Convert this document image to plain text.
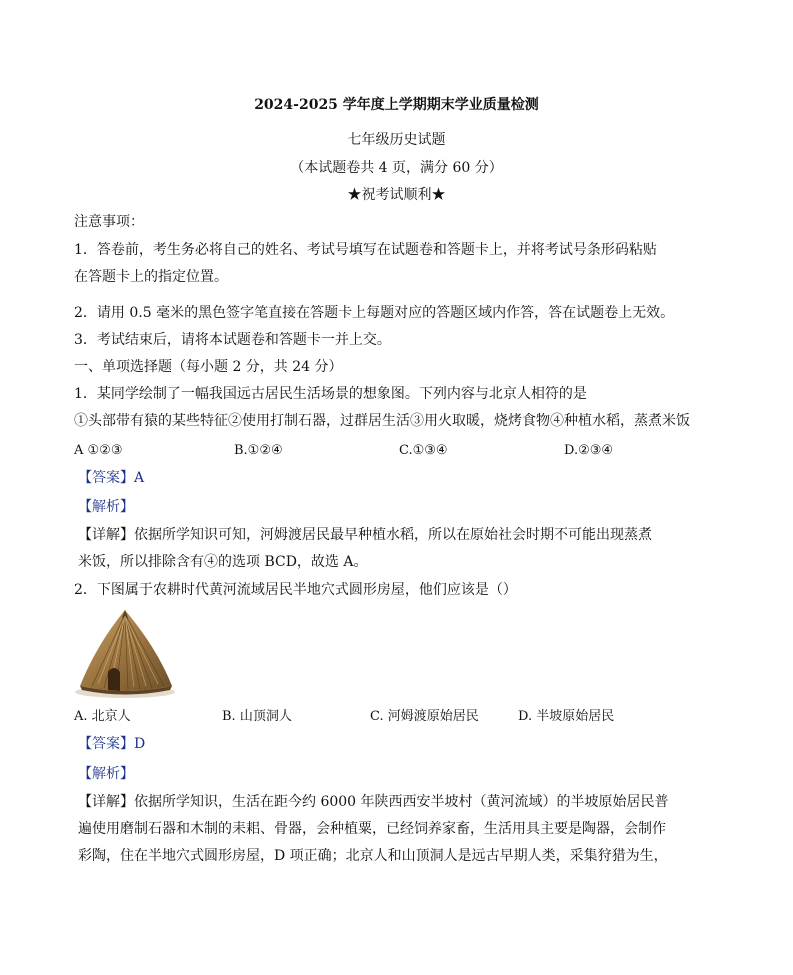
2024-2025 学年度上学期期末学业质量检测
七年级历史试题
（本试题卷共 4 页，满分 60 分）
★祝考试顺利★
注意事项：
1．答卷前，考生务必将自己的姓名、考试号填写在试题卷和答题卡上，并将考试号条形码粘贴
在答题卡上的指定位置。
2．请用 0.5 毫米的黑色签字笔直接在答题卡上每题对应的答题区域内作答，答在试题卷上无效。
3．考试结束后，请将本试题卷和答题卡一并上交。
一、单项选择题（每小题 2 分，共 24 分）
1．某同学绘制了一幅我国远古居民生活场景的想象图。下列内容与北京人相符的是
①头部带有猿的某些特征②使用打制石器，过群居生活③用火取暖，烧烤食物④种植水稻，蒸煮米饭
A ①②③	B.①②④	C.①③④	D.②③④
【答案】A
【解析】
【详解】依据所学知识可知，河姆渡居民最早种植水稻，所以在原始社会时期不可能出现蒸煮
米饭，所以排除含有④的选项 BCD，故选 A。
2．下图属于农耕时代黄河流域居民半地穴式圆形房屋，他们应该是（）
A. 北京人	B. 山顶洞人	C. 河姆渡原始居民	D. 半坡原始居民
【答案】D
【解析】
【详解】依据所学知识，生活在距今约 6000 年陕西西安半坡村（黄河流域）的半坡原始居民普
遍使用磨制石器和木制的耒耜、骨器，会种植粟，已经饲养家畜，生活用具主要是陶器，会制作
彩陶，住在半地穴式圆形房屋，D 项正确；北京人和山顶洞人是远古早期人类，采集狩猎为生，
